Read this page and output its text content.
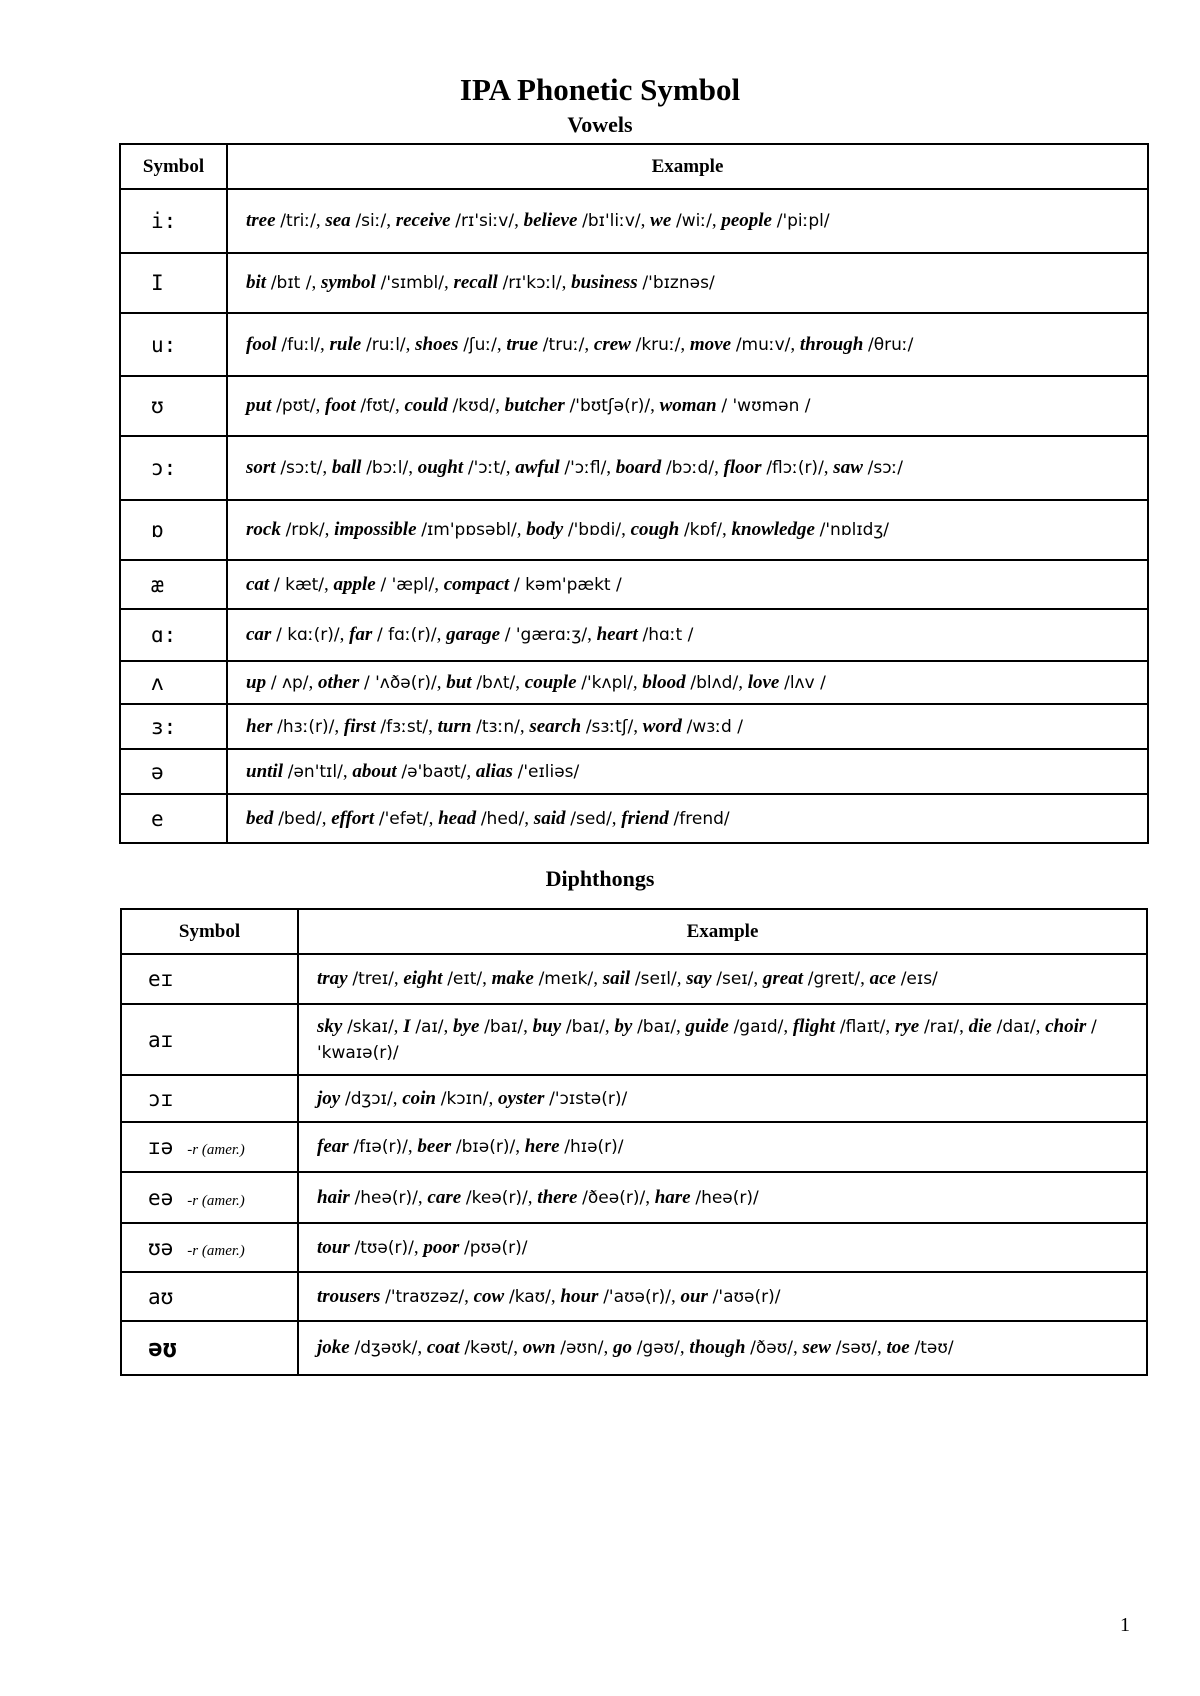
IPA Phonetic Symbol
Vowels
Symbol	Example
i:	tree /triː/, sea /siː/, receive /rɪ'siːv/, believe /bɪ'liːv/, we /wiː/, people /'piːpl/
I	bit /bɪt /, symbol /'sɪmbl/, recall /rɪ'kɔːl/, business /'bɪznəs/
u:	fool /fuːl/, rule /ruːl/, shoes /ʃuː/, true /truː/, crew /kruː/, move /muːv/, through /θruː/
ʊ	put /pʊt/, foot /fʊt/, could /kʊd/, butcher /'bʊtʃə(r)/, woman / 'wʊmən /
ɔ:	sort /sɔːt/, ball /bɔːl/, ought /'ɔːt/, awful /'ɔːfl/, board /bɔːd/, floor /flɔː(r)/, saw /sɔː/
ɒ	rock /rɒk/, impossible /ɪm'pɒsəbl/, body /'bɒdi/, cough /kɒf/, knowledge /'nɒlɪdʒ/
æ	cat / kæt/, apple / 'æpl/, compact / kəm'pækt /
ɑ:	car / kɑː(r)/, far / fɑː(r)/, garage / 'gærɑːʒ/, heart /hɑːt /
ʌ	up / ʌp/, other / 'ʌðə(r)/, but /bʌt/, couple /'kʌpl/, blood /blʌd/, love /lʌv /
ɜ:	her /hɜː(r)/, first /fɜːst/, turn /tɜːn/, search /sɜːtʃ/, word /wɜːd /
ə	until /ən'tɪl/, about /ə'baʊt/, alias /'eɪliəs/
e	bed /bed/, effort /'efət/, head /hed/, said /sed/, friend /frend/
Diphthongs
Symbol	Example
eɪ	tray /treɪ/, eight /eɪt/, make /meɪk/, sail /seɪl/, say /seɪ/, great /greɪt/, ace /eɪs/
aɪ	sky /skaɪ/, I /aɪ/, bye /baɪ/, buy /baɪ/, by /baɪ/, guide /gaɪd/, flight /flaɪt/, rye /raɪ/, die /daɪ/, choir / 'kwaɪə(r)/
ɔɪ	joy /dʒɔɪ/, coin /kɔɪn/, oyster /'ɔɪstə(r)/
ɪə -r (amer.)	fear /fɪə(r)/, beer /bɪə(r)/, here /hɪə(r)/
eə -r (amer.)	hair /heə(r)/, care /keə(r)/, there /ðeə(r)/, hare /heə(r)/
ʊə -r (amer.)	tour /tʊə(r)/, poor /pʊə(r)/
aʊ	trousers /'traʊzəz/, cow /kaʊ/, hour /'aʊə(r)/, our /'aʊə(r)/
əʊ	joke /dʒəʊk/, coat /kəʊt/, own /əʊn/, go /gəʊ/, though /ðəʊ/, sew /səʊ/, toe /təʊ/
1
